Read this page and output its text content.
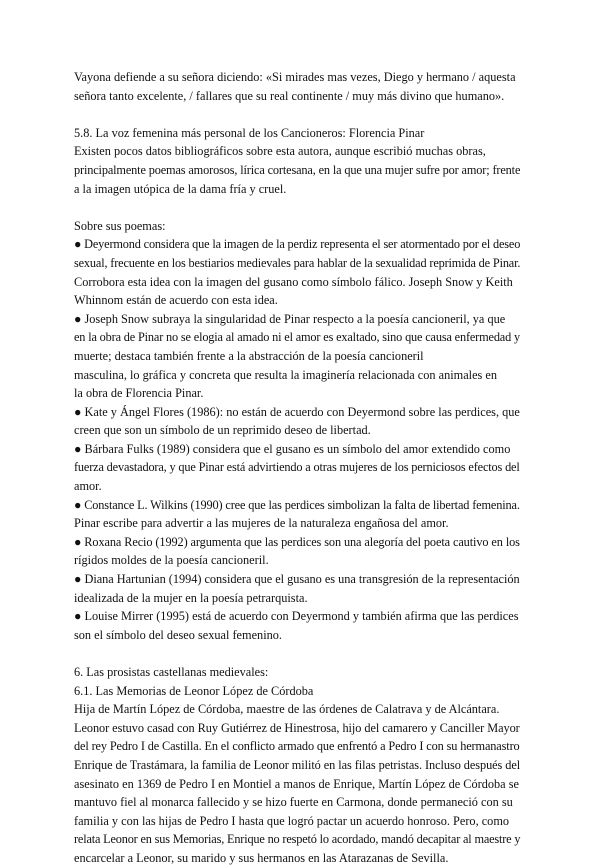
Vayona defiende a su señora diciendo: «Si mirades mas vezes, Diego y hermano / aquesta
señora tanto excelente, / fallares que su real continente / muy más divino que humano».
5.8. La voz femenina más personal de los Cancioneros: Florencia Pinar
Existen pocos datos bibliográficos sobre esta autora, aunque escribió muchas obras,
principalmente poemas amorosos, lírica cortesana, en la que una mujer sufre por amor; frente
a la imagen utópica de la dama fría y cruel.
Sobre sus poemas:
● Deyermond considera que la imagen de la perdiz representa el ser atormentado por el deseo
sexual, frecuente en los bestiarios medievales para hablar de la sexualidad reprimida de Pinar.
Corrobora esta idea con la imagen del gusano como símbolo fálico. Joseph Snow y Keith
Whinnom están de acuerdo con esta idea.
● Joseph Snow subraya la singularidad de Pinar respecto a la poesía cancioneril, ya que
en la obra de Pinar no se elogia al amado ni el amor es exaltado, sino que causa enfermedad y
muerte; destaca también frente a la abstracción de la poesía cancioneril
masculina, lo gráfica y concreta que resulta la imaginería relacionada con animales en
la obra de Florencia Pinar.
● Kate y Ángel Flores (1986): no están de acuerdo con Deyermond sobre las perdices, que
creen que son un símbolo de un reprimido deseo de libertad.
● Bárbara Fulks (1989) considera que el gusano es un símbolo del amor extendido como
fuerza devastadora, y que Pinar está advirtiendo a otras mujeres de los perniciosos efectos del
amor.
● Constance L. Wilkins (1990) cree que las perdices simbolizan la falta de libertad femenina.
Pinar escribe para advertir a las mujeres de la naturaleza engañosa del amor.
● Roxana Recio (1992) argumenta que las perdices son una alegoría del poeta cautivo en los
rígidos moldes de la poesía cancioneril.
● Diana Hartunian (1994) considera que el gusano es una transgresión de la representación
idealizada de la mujer en la poesía petrarquista.
● Louise Mirrer (1995) está de acuerdo con Deyermond y también afirma que las perdices
son el símbolo del deseo sexual femenino.
6. Las prosistas castellanas medievales:
6.1. Las Memorias de Leonor López de Córdoba
Hija de Martín López de Córdoba, maestre de las órdenes de Calatrava y de Alcántara.
Leonor estuvo casad con Ruy Gutiérrez de Hinestrosa, hijo del camarero y Canciller Mayor
del rey Pedro I de Castilla. En el conflicto armado que enfrentó a Pedro I con su hermanastro
Enrique de Trastámara, la familia de Leonor militó en las filas petristas. Incluso después del
asesinato en 1369 de Pedro I en Montiel a manos de Enrique, Martín López de Córdoba se
mantuvo fiel al monarca fallecido y se hizo fuerte en Carmona, donde permaneció con su
familia y con las hijas de Pedro I hasta que logró pactar un acuerdo honroso. Pero, como
relata Leonor en sus Memorias, Enrique no respetó lo acordado, mandó decapitar al maestre y
encarcelar a Leonor, su marido y sus hermanos en las Atarazanas de Sevilla.
